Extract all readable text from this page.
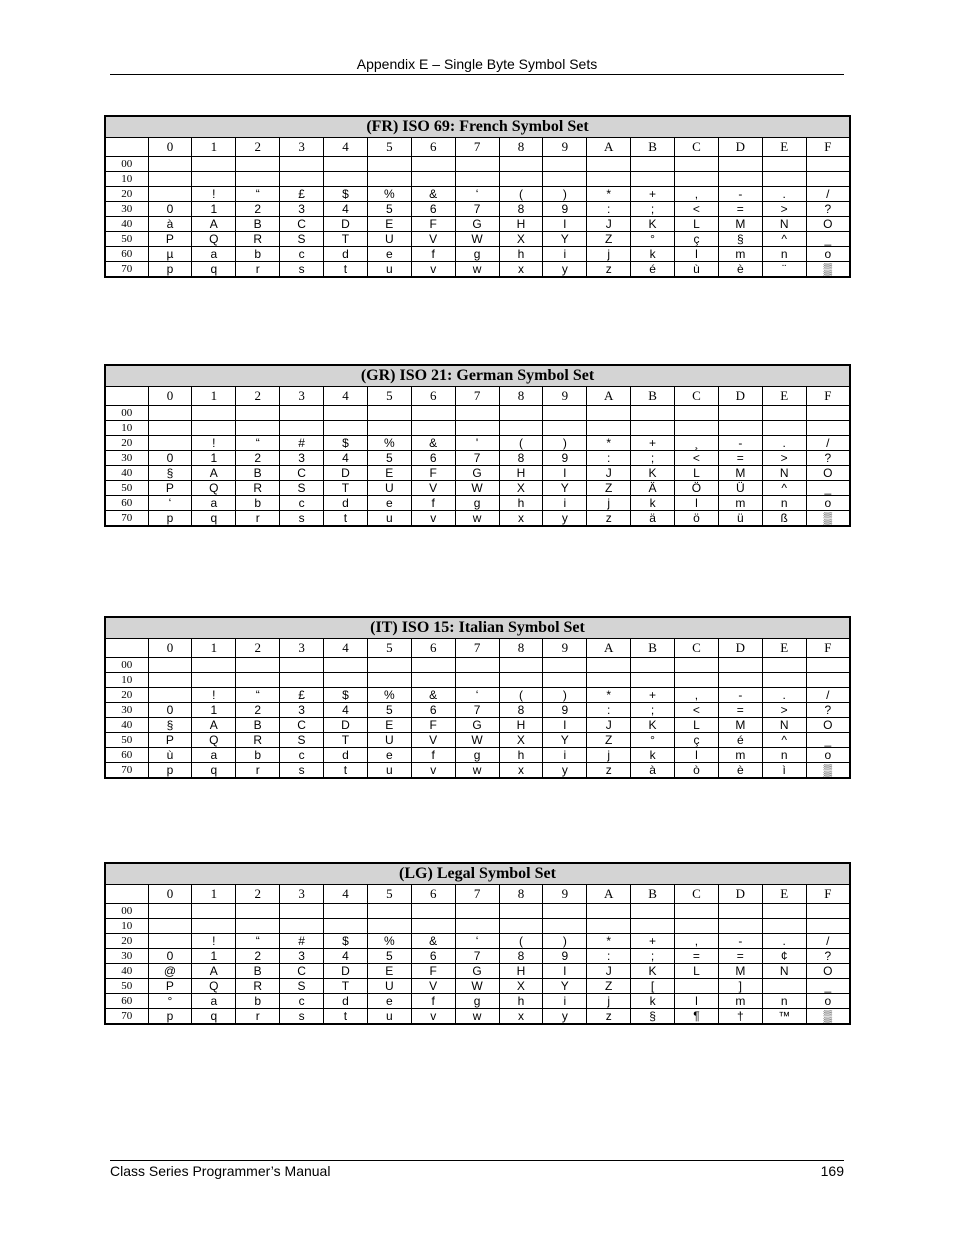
Appendix E – Single Byte Symbol Sets
(FR) ISO 69: French Symbol Set																
	0	1	2	3	4	5	6	7	8	9	A	B	C	D	E	F
00																
10																
20		!	“	£	$	%	&	‘	(	)	*	+	,	-	.	/
30	0	1	2	3	4	5	6	7	8	9	:	;	<	=	>	?
40	à	A	B	C	D	E	F	G	H	I	J	K	L	M	N	O
50	P	Q	R	S	T	U	V	W	X	Y	Z	°	ç	§	^	_
60	µ	a	b	c	d	e	f	g	h	i	j	k	l	m	n	o
70	p	q	r	s	t	u	v	w	x	y	z	é	ù	è	¨	▒
(GR) ISO 21: German Symbol Set																
	0	1	2	3	4	5	6	7	8	9	A	B	C	D	E	F
00																
10																
20		!	“	#	$	%	&	'	(	)	*	+	¸	-	.	/
30	0	1	2	3	4	5	6	7	8	9	:	;	<	=	>	?
40	§	A	B	C	D	E	F	G	H	I	J	K	L	M	N	O
50	P	Q	R	S	T	U	V	W	X	Y	Z	Ä	Ö	Ü	^	_
60	‘	a	b	c	d	e	f	g	h	i	j	k	l	m	n	o
70	p	q	r	s	t	u	v	w	x	y	z	ä	ö	ü	ß	▒
(IT) ISO 15: Italian Symbol Set																
	0	1	2	3	4	5	6	7	8	9	A	B	C	D	E	F
00																
10																
20		!	“	£	$	%	&	‘	(	)	*	+	,	-	.	/
30	0	1	2	3	4	5	6	7	8	9	:	;	<	=	>	?
40	§	A	B	C	D	E	F	G	H	I	J	K	L	M	N	O
50	P	Q	R	S	T	U	V	W	X	Y	Z	°	ç	é	^	_
60	ù	a	b	c	d	e	f	g	h	i	j	k	l	m	n	o
70	p	q	r	s	t	u	v	w	x	y	z	à	ò	è	ì	▒
(LG) Legal Symbol Set																
	0	1	2	3	4	5	6	7	8	9	A	B	C	D	E	F
00																
10																
20		!	“	#	$	%	&	‘	(	)	*	+	,	-	.	/
30	0	1	2	3	4	5	6	7	8	9	:	;	=	=	¢	?
40	@	A	B	C	D	E	F	G	H	I	J	K	L	M	N	O
50	P	Q	R	S	T	U	V	W	X	Y	Z	[		]		_
60	°	a	b	c	d	e	f	g	h	i	j	k	l	m	n	o
70	p	q	r	s	t	u	v	w	x	y	z	§	¶	†	™	▒
Class Series Programmer’s Manual	169
